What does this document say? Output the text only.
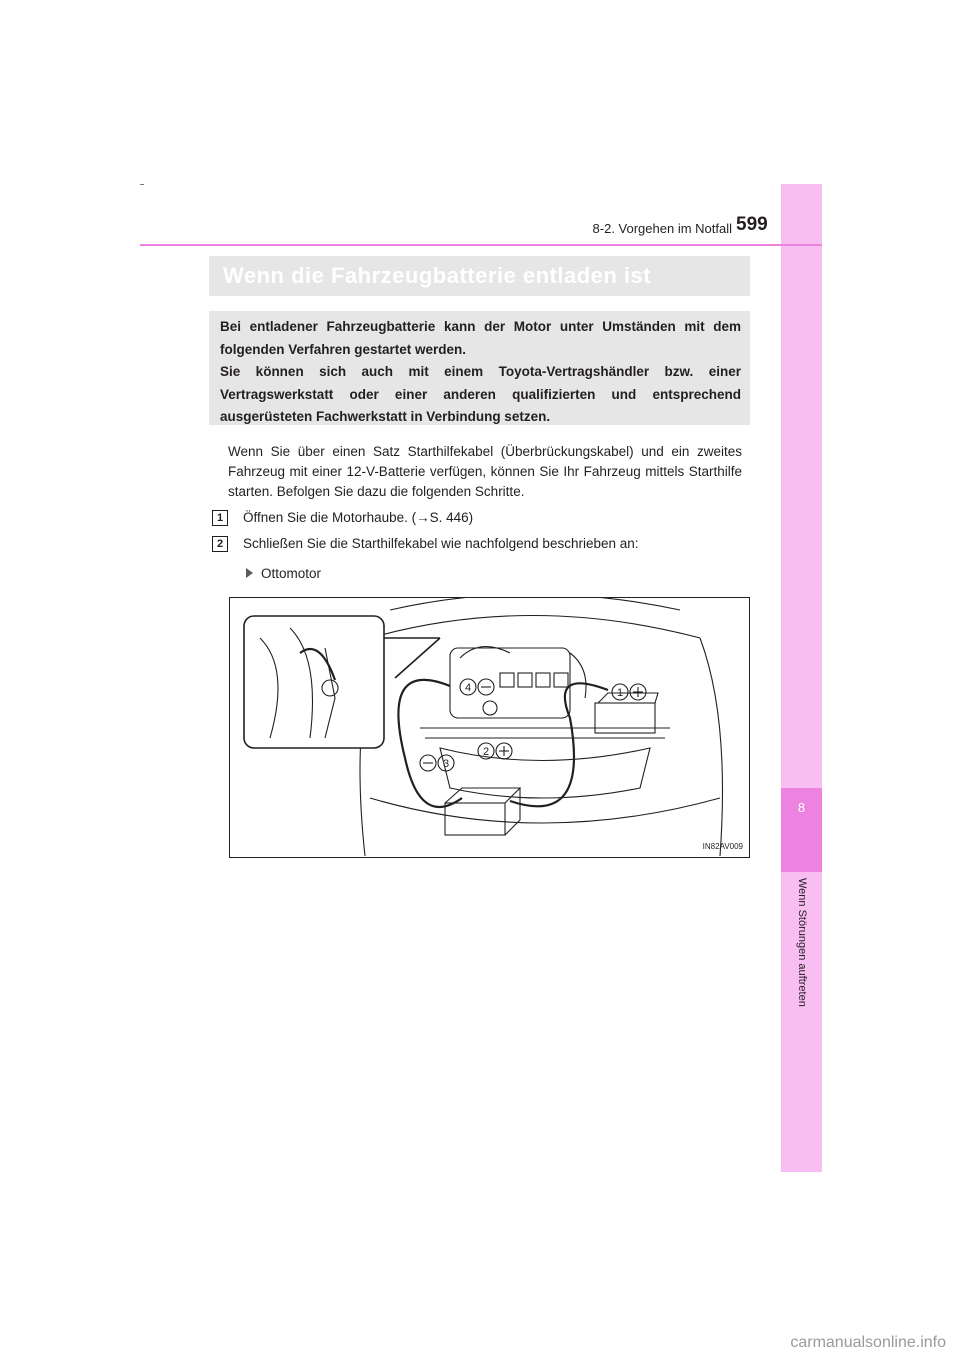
8
Wenn Störungen auftreten
8-2. Vorgehen im Notfall 599
Wenn die Fahrzeugbatterie entladen ist

Bei entladener Fahrzeugbatterie kann der Motor unter Umständen mit dem folgenden Verfahren gestartet werden.

Sie können sich auch mit einem Toyota-Vertragshändler bzw. einer Vertragswerkstatt oder einer anderen qualifizierten und entsprechend ausgerüsteten Fachwerkstatt in Verbindung setzen.

Wenn Sie über einen Satz Starthilfekabel (Überbrückungskabel) und ein zweites Fahrzeug mit einer 12-V-Batterie verfügen, können Sie Ihr Fahrzeug mittels Starthilfe starten. Befolgen Sie dazu die folgenden Schritte.

1	Öffnen Sie die Motorhaube. (→S. 446)
2	Schließen Sie die Starthilfekabel wie nachfolgend beschrieben an:
Ottomotor
4	1
2
3
IN82AV009
carmanualsonline.info
